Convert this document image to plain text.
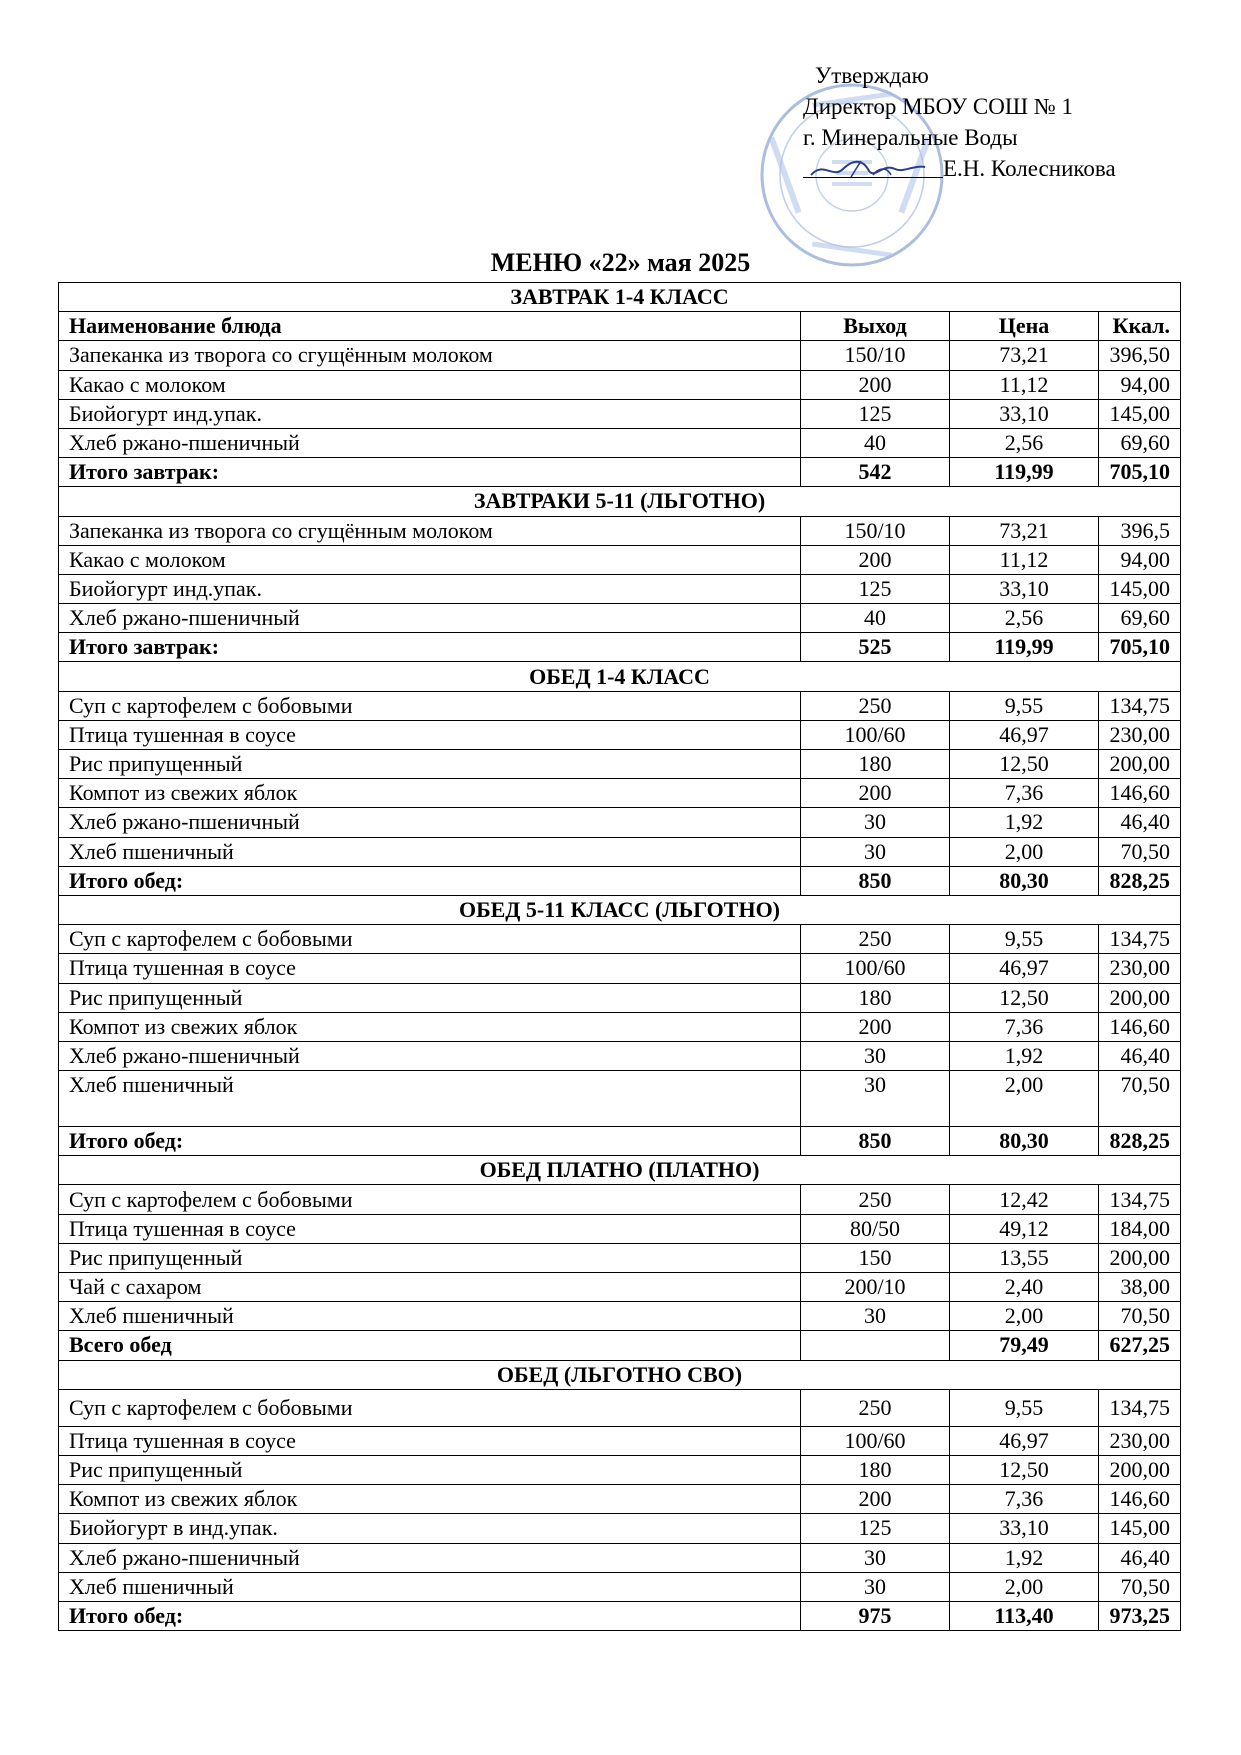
Утверждаю
Директор МБОУ СОШ № 1
г. Минеральные Воды
Е.Н. Колесникова
МЕНЮ «22» мая 2025
ЗАВТРАК 1-4 КЛАСС			
Наименование блюда	Выход	Цена	Ккал.
Запеканка из творога со сгущённым молоком	150/10	73,21	396,50
Какао с молоком	200	11,12	94,00
Биойогурт инд.упак.	125	33,10	145,00
Хлеб ржано-пшеничный	40	2,56	69,60
Итого завтрак:	542	119,99	705,10
ЗАВТРАКИ 5-11 (ЛЬГОТНО)			
Запеканка из творога со сгущённым молоком	150/10	73,21	396,5
Какао с молоком	200	11,12	94,00
Биойогурт инд.упак.	125	33,10	145,00
Хлеб ржано-пшеничный	40	2,56	69,60
Итого завтрак:	525	119,99	705,10
ОБЕД 1-4 КЛАСС			
Суп с картофелем с бобовыми	250	9,55	134,75
Птица тушенная в соусе	100/60	46,97	230,00
Рис припущенный	180	12,50	200,00
Компот из свежих яблок	200	7,36	146,60
Хлеб ржано-пшеничный	30	1,92	46,40
Хлеб пшеничный	30	2,00	70,50
Итого обед:	850	80,30	828,25
ОБЕД 5-11 КЛАСС (ЛЬГОТНО)			
Суп с картофелем с бобовыми	250	9,55	134,75
Птица тушенная в соусе	100/60	46,97	230,00
Рис припущенный	180	12,50	200,00
Компот из свежих яблок	200	7,36	146,60
Хлеб ржано-пшеничный	30	1,92	46,40
Хлеб пшеничный	30	2,00	70,50
Итого обед:	850	80,30	828,25
ОБЕД ПЛАТНО (ПЛАТНО)			
Суп с картофелем с бобовыми	250	12,42	134,75
Птица тушенная в соусе	80/50	49,12	184,00
Рис припущенный	150	13,55	200,00
Чай с сахаром	200/10	2,40	38,00
Хлеб пшеничный	30	2,00	70,50
Всего обед		79,49	627,25
ОБЕД (ЛЬГОТНО СВО)			
Суп с картофелем с бобовыми	250	9,55	134,75
Птица тушенная в соусе	100/60	46,97	230,00
Рис припущенный	180	12,50	200,00
Компот из свежих яблок	200	7,36	146,60
Биойогурт в инд.упак.	125	33,10	145,00
Хлеб ржано-пшеничный	30	1,92	46,40
Хлеб пшеничный	30	2,00	70,50
Итого обед:	975	113,40	973,25
